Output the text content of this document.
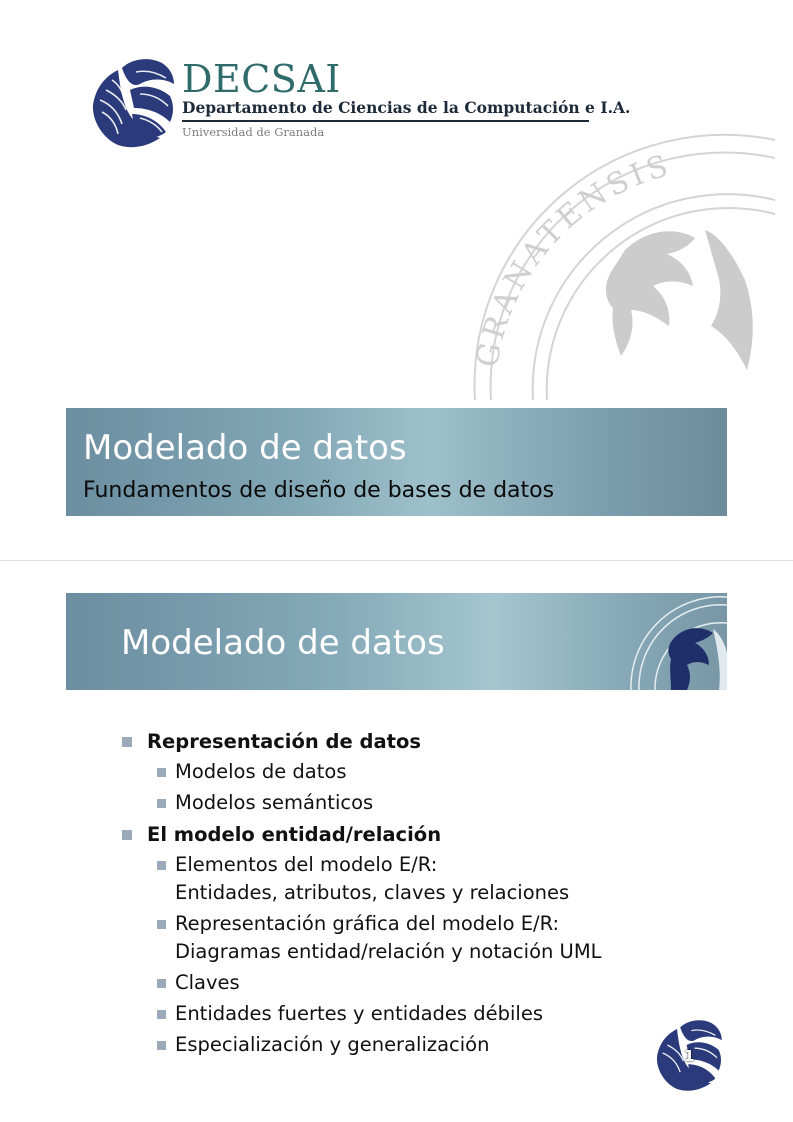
DECSAI
Departamento de Ciencias de la Computación e I.A.
Universidad de Granada
GRANATENSIS
Modelado de datos
Fundamentos de diseño de bases de datos
Modelado de datos
Representación de datos
Modelos de datos
Modelos semánticos
El modelo entidad/relación
Elementos del modelo E/R:
Entidades, atributos, claves y relaciones
Representación gráfica del modelo E/R:
Diagramas entidad/relación y notación UML
Claves
Entidades fuertes y entidades débiles
Especialización y generalización	1
